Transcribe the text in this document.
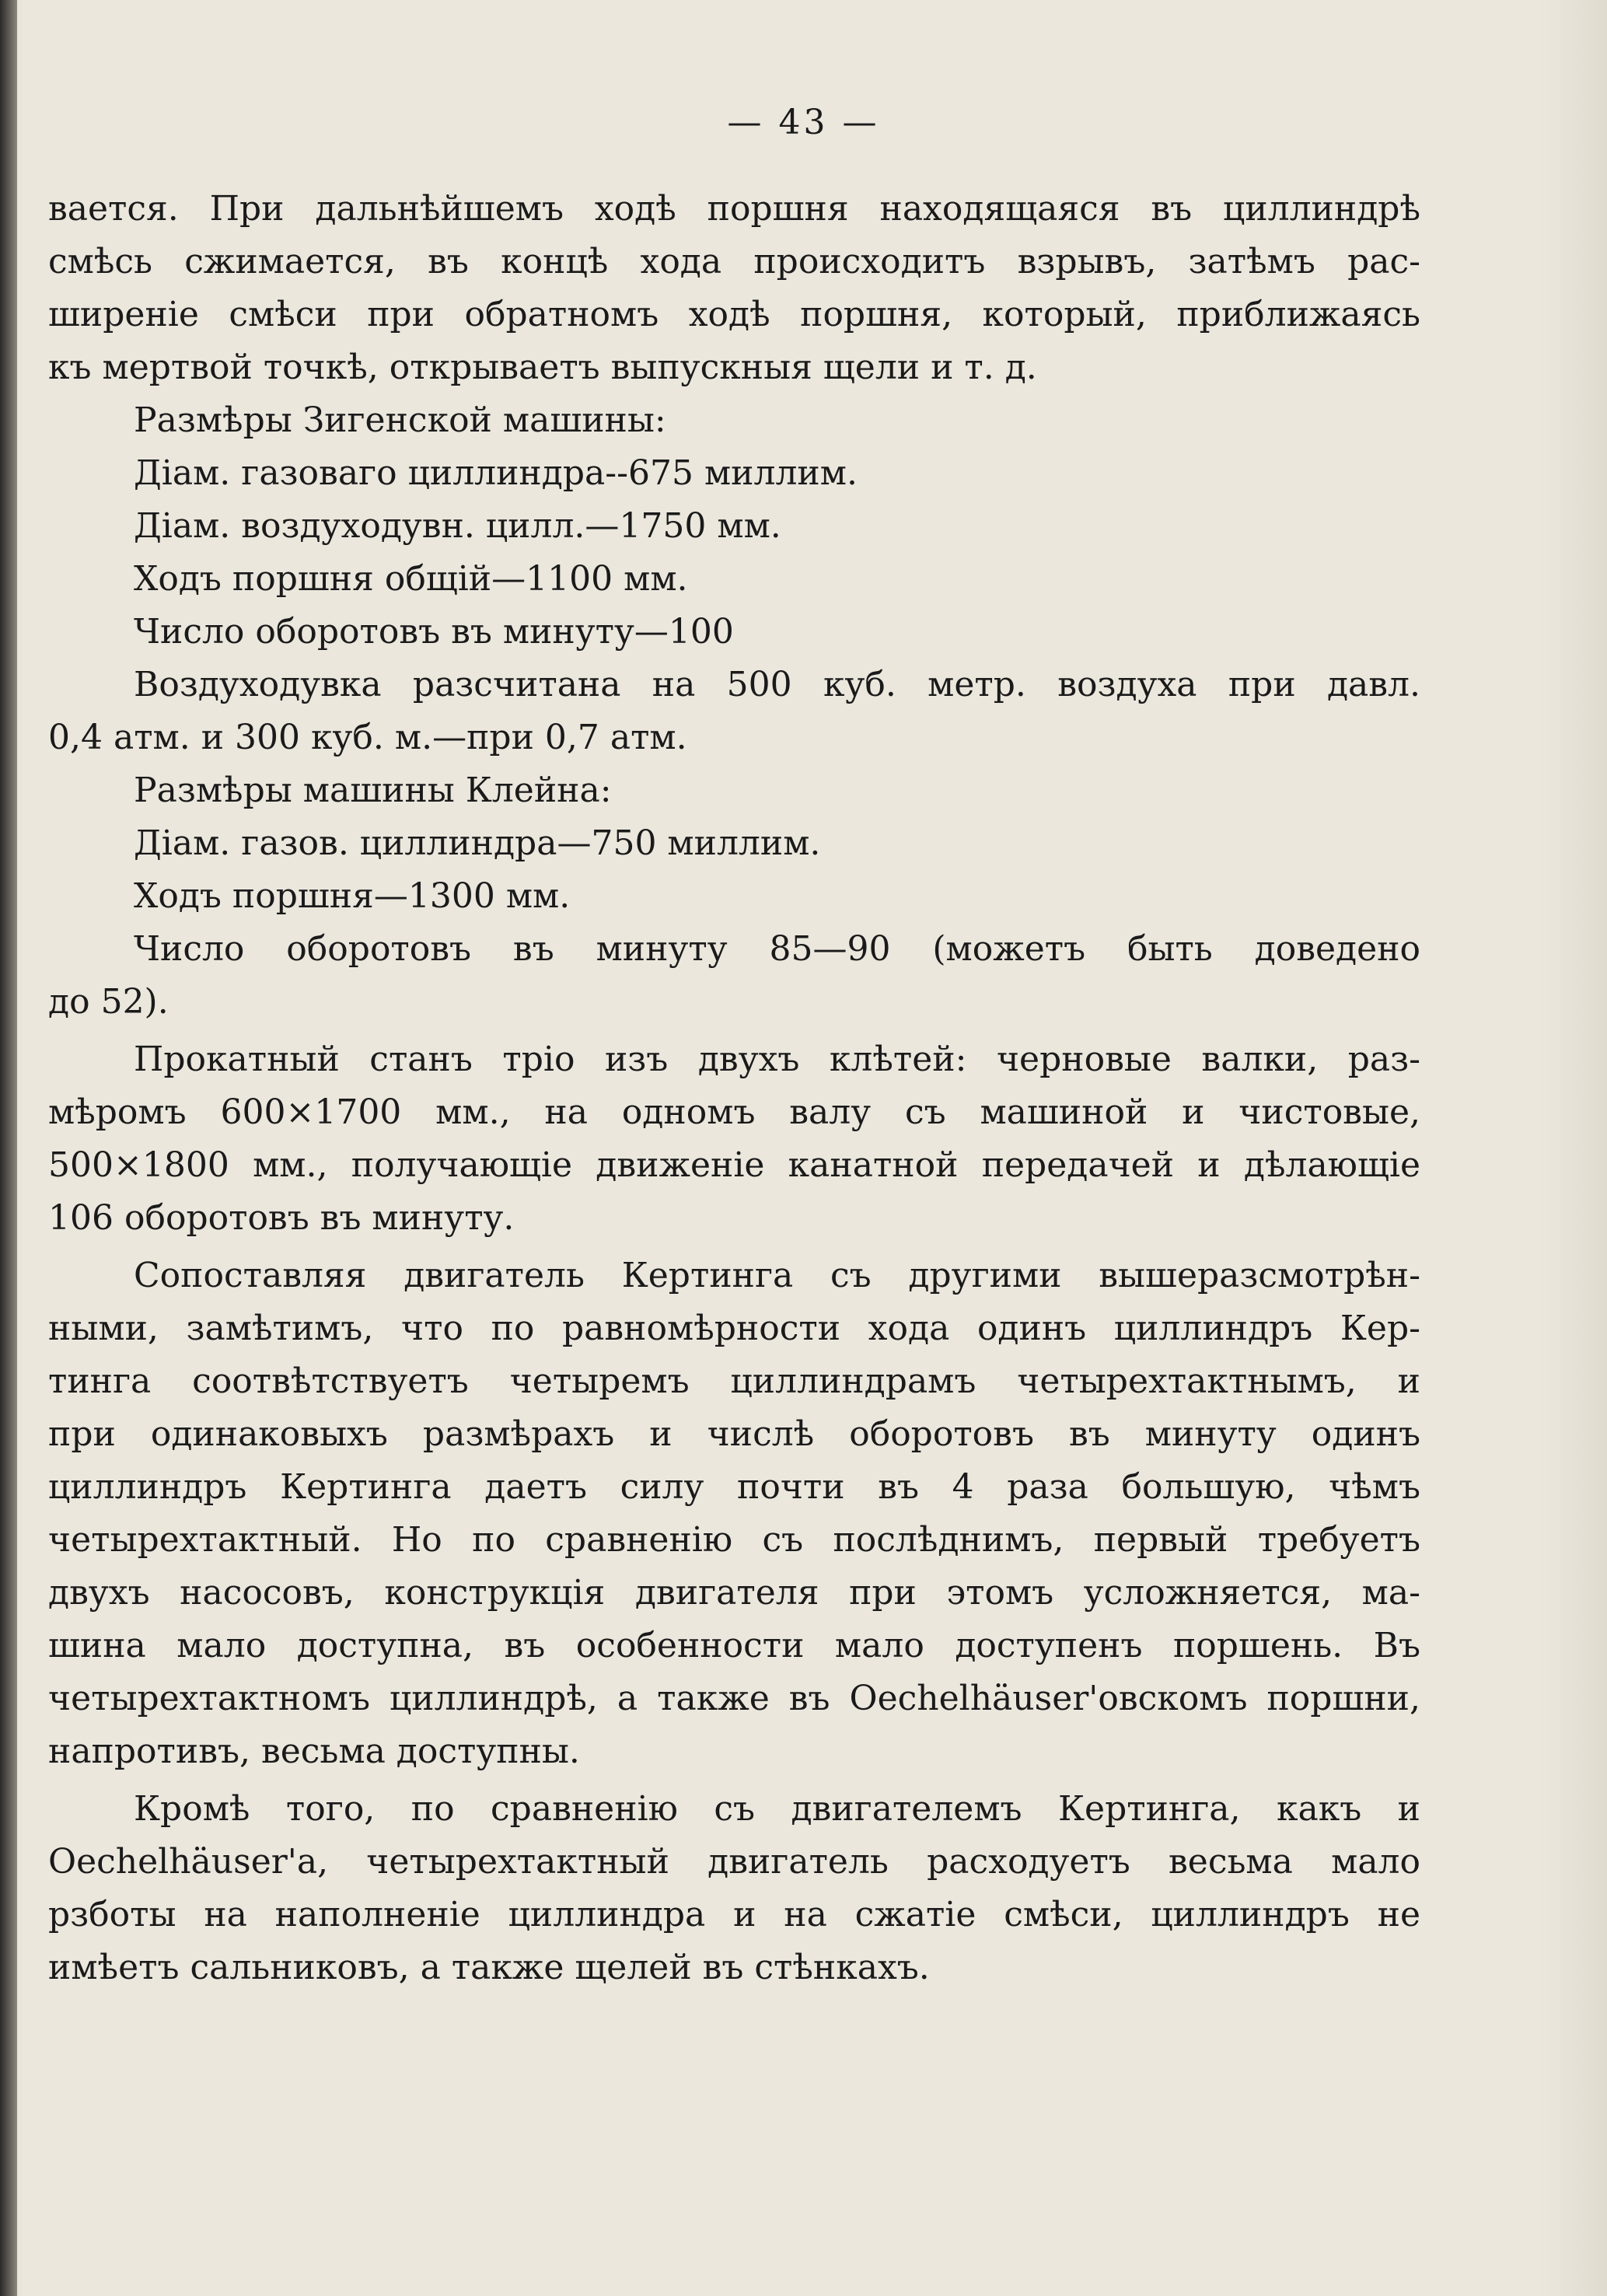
— 43 —
вается. При дальнѣйшемъ ходѣ поршня находящаяся въ циллиндрѣ
смѣсь сжимается, въ концѣ хода происходитъ взрывъ, затѣмъ рас-
ширеніе смѣси при обратномъ ходѣ поршня, который, приближаясь
къ мертвой точкѣ, открываетъ выпускныя щели и т. д.
Размѣры Зигенской машины:
Діам. газоваго циллиндра--675 миллим.
Діам. воздуходувн. цилл.—1750 мм.
Ходъ поршня общій—1100 мм.
Число оборотовъ въ минуту—100
Воздуходувка разсчитана на 500 куб. метр. воздуха при давл.
0,4 атм. и 300 куб. м.—при 0,7 атм.
Размѣры машины Клейна:
Діам. газов. циллиндра—750 миллим.
Ходъ поршня—1300 мм.
Число оборотовъ въ минуту 85—90 (можетъ быть доведено
до 52).
Прокатный станъ тріо изъ двухъ клѣтей: черновые валки, раз-
мѣромъ 600×1700 мм., на одномъ валу съ машиной и чистовые,
500×1800 мм., получающіе движеніе канатной передачей и дѣлающіе
106 оборотовъ въ минуту.
Сопоставляя двигатель Кертинга съ другими вышеразсмотрѣн-
ными, замѣтимъ, что по равномѣрности хода одинъ циллиндръ Кер-
тинга соотвѣтствуетъ четыремъ циллиндрамъ четырехтактнымъ, и
при одинаковыхъ размѣрахъ и числѣ оборотовъ въ минуту одинъ
циллиндръ Кертинга даетъ силу почти въ 4 раза большую, чѣмъ
четырехтактный. Но по сравненію съ послѣднимъ, первый требуетъ
двухъ насосовъ, конструкція двигателя при этомъ усложняется, ма-
шина мало доступна, въ особенности мало доступенъ поршень. Въ
четырехтактномъ циллиндрѣ, а также въ Oechelhäuser'овскомъ поршни,
напротивъ, весьма доступны.
Кромѣ того, по сравненію съ двигателемъ Кертинга, какъ и
Oechelhäuser'а, четырехтактный двигатель расходуетъ весьма мало
рзботы на наполненіе циллиндра и на сжатіе смѣси, циллиндръ не
имѣетъ сальниковъ, а также щелей въ стѣнкахъ.
